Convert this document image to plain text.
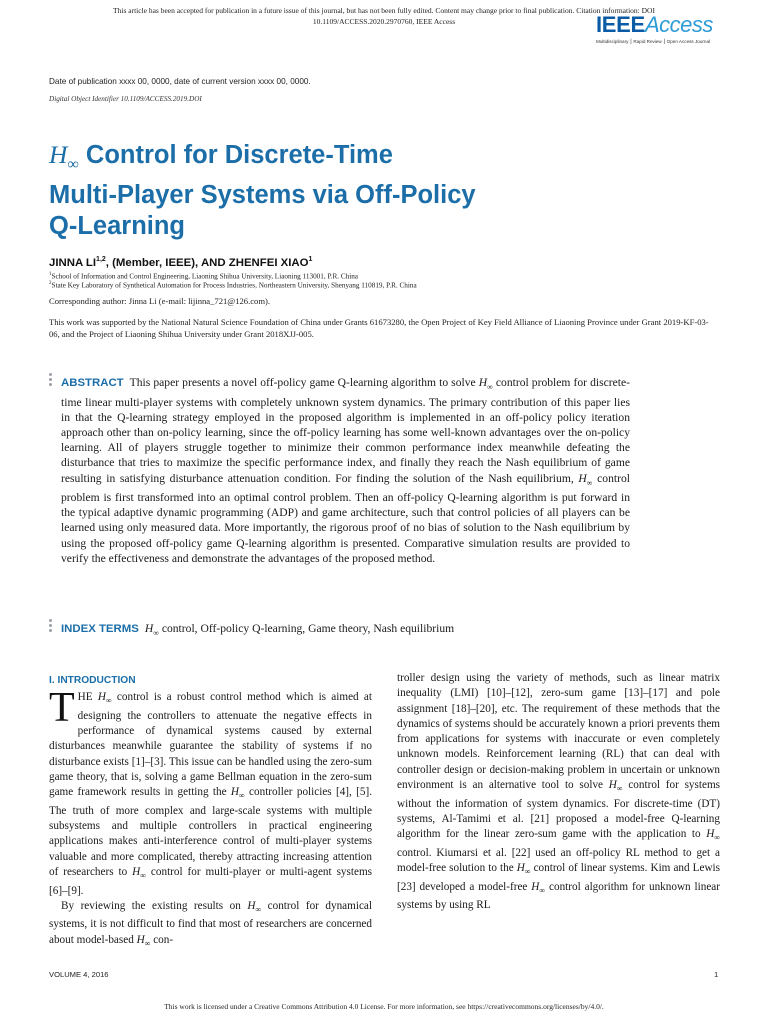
This article has been accepted for publication in a future issue of this journal, but has not been fully edited. Content may change prior to final publication. Citation information: DOI
10.1109/ACCESS.2020.2970760, IEEE Access	IEEEAccess
Multidisciplinary ⎮ Rapid Review ⎮ Open Access Journal
Date of publication xxxx 00, 0000, date of current version xxxx 00, 0000.
Digital Object Identifier 10.1109/ACCESS.2019.DOI
$H_\infty$ Control for Discrete-Time
Multi-Player Systems via Off-Policy
Q-Learning
JINNA LI$^{1,2}$, (Member, IEEE), AND ZHENFEI XIAO$^1$
$^1$School of Information and Control Engineering, Liaoning Shihua University, Liaoning 113001, P.R. China
$^2$State Key Laboratory of Synthetical Automation for Process Industries, Northeastern University, Shenyang 110819, P.R. China
Corresponding author: Jinna Li (e-mail: lijinna_721@126.com).
This work was supported by the National Natural Science Foundation of China under Grants 61673280, the Open Project of Key Field Alliance of Liaoning Province under Grant 2019-KF-03-06, and the Project of Liaoning Shihua University under Grant 2018XJJ-005.
ABSTRACT This paper presents a novel off-policy game Q-learning algorithm to solve $H_\infty$ control problem for discrete-time linear multi-player systems with completely unknown system dynamics. The primary contribution of this paper lies in that the Q-learning strategy employed in the proposed algorithm is implemented in an off-policy policy iteration approach other than on-policy learning, since the off-policy learning has some well-known advantages over the on-policy learning. All of players struggle together to minimize their common performance index meanwhile defeating the disturbance that tries to maximize the specific performance index, and finally they reach the Nash equilibrium of game resulting in satisfying disturbance attenuation condition. For finding the solution of the Nash equilibrium, $H_\infty$ control problem is first transformed into an optimal control problem. Then an off-policy Q-learning algorithm is put forward in the typical adaptive dynamic programming (ADP) and game architecture, such that control policies of all players can be learned using only measured data. More importantly, the rigorous proof of no bias of solution to the Nash equilibrium by using the proposed off-policy game Q-learning algorithm is presented. Comparative simulation results are provided to verify the effectiveness and demonstrate the advantages of the proposed method.
INDEX TERMS $H_\infty$ control, Off-policy Q-learning, Game theory, Nash equilibrium
I. INTRODUCTION

THE $H_\infty$ control is a robust control method which is aimed at designing the controllers to attenuate the negative effects in performance of dynamical systems caused by external disturbances meanwhile guarantee the stability of systems if no disturbance exists [1]–[3]. This issue can be handled using the zero-sum game theory, that is, solving a game Bellman equation in the zero-sum game framework results in getting the $H_\infty$ controller policies [4], [5]. The truth of more complex and large-scale systems with multiple subsystems and multiple controllers in practical engineering applications makes anti-interference control of multi-player systems valuable and more complicated, thereby attracting increasing attention of researchers to $H_\infty$ control for multi-player or multi-agent systems [6]–[9].

By reviewing the existing results on $H_\infty$ control for dynamical systems, it is not difficult to find that most of researchers are concerned about model-based $H_\infty$ con-

troller design using the variety of methods, such as linear matrix inequality (LMI) [10]–[12], zero-sum game [13]–[17] and pole assignment [18]–[20], etc. The requirement of these methods that the dynamics of systems should be accurately known a priori prevents them from applications for systems with inaccurate or even completely unknown models. Reinforcement learning (RL) that can deal with controller design or decision-making problem in uncertain or unknown environment is an alternative tool to solve $H_\infty$ control for systems without the information of system dynamics. For discrete-time (DT) systems, Al-Tamimi et al. [21] proposed a model-free Q-learning algorithm for the linear zero-sum game with the application to $H_\infty$ control. Kiumarsi et al. [22] used an off-policy RL method to get a model-free solution to the $H_\infty$ control of linear systems. Kim and Lewis [23] developed a model-free $H_\infty$ control algorithm for unknown linear systems by using RL

VOLUME 4, 2016	1
This work is licensed under a Creative Commons Attribution 4.0 License. For more information, see https://creativecommons.org/licenses/by/4.0/.
